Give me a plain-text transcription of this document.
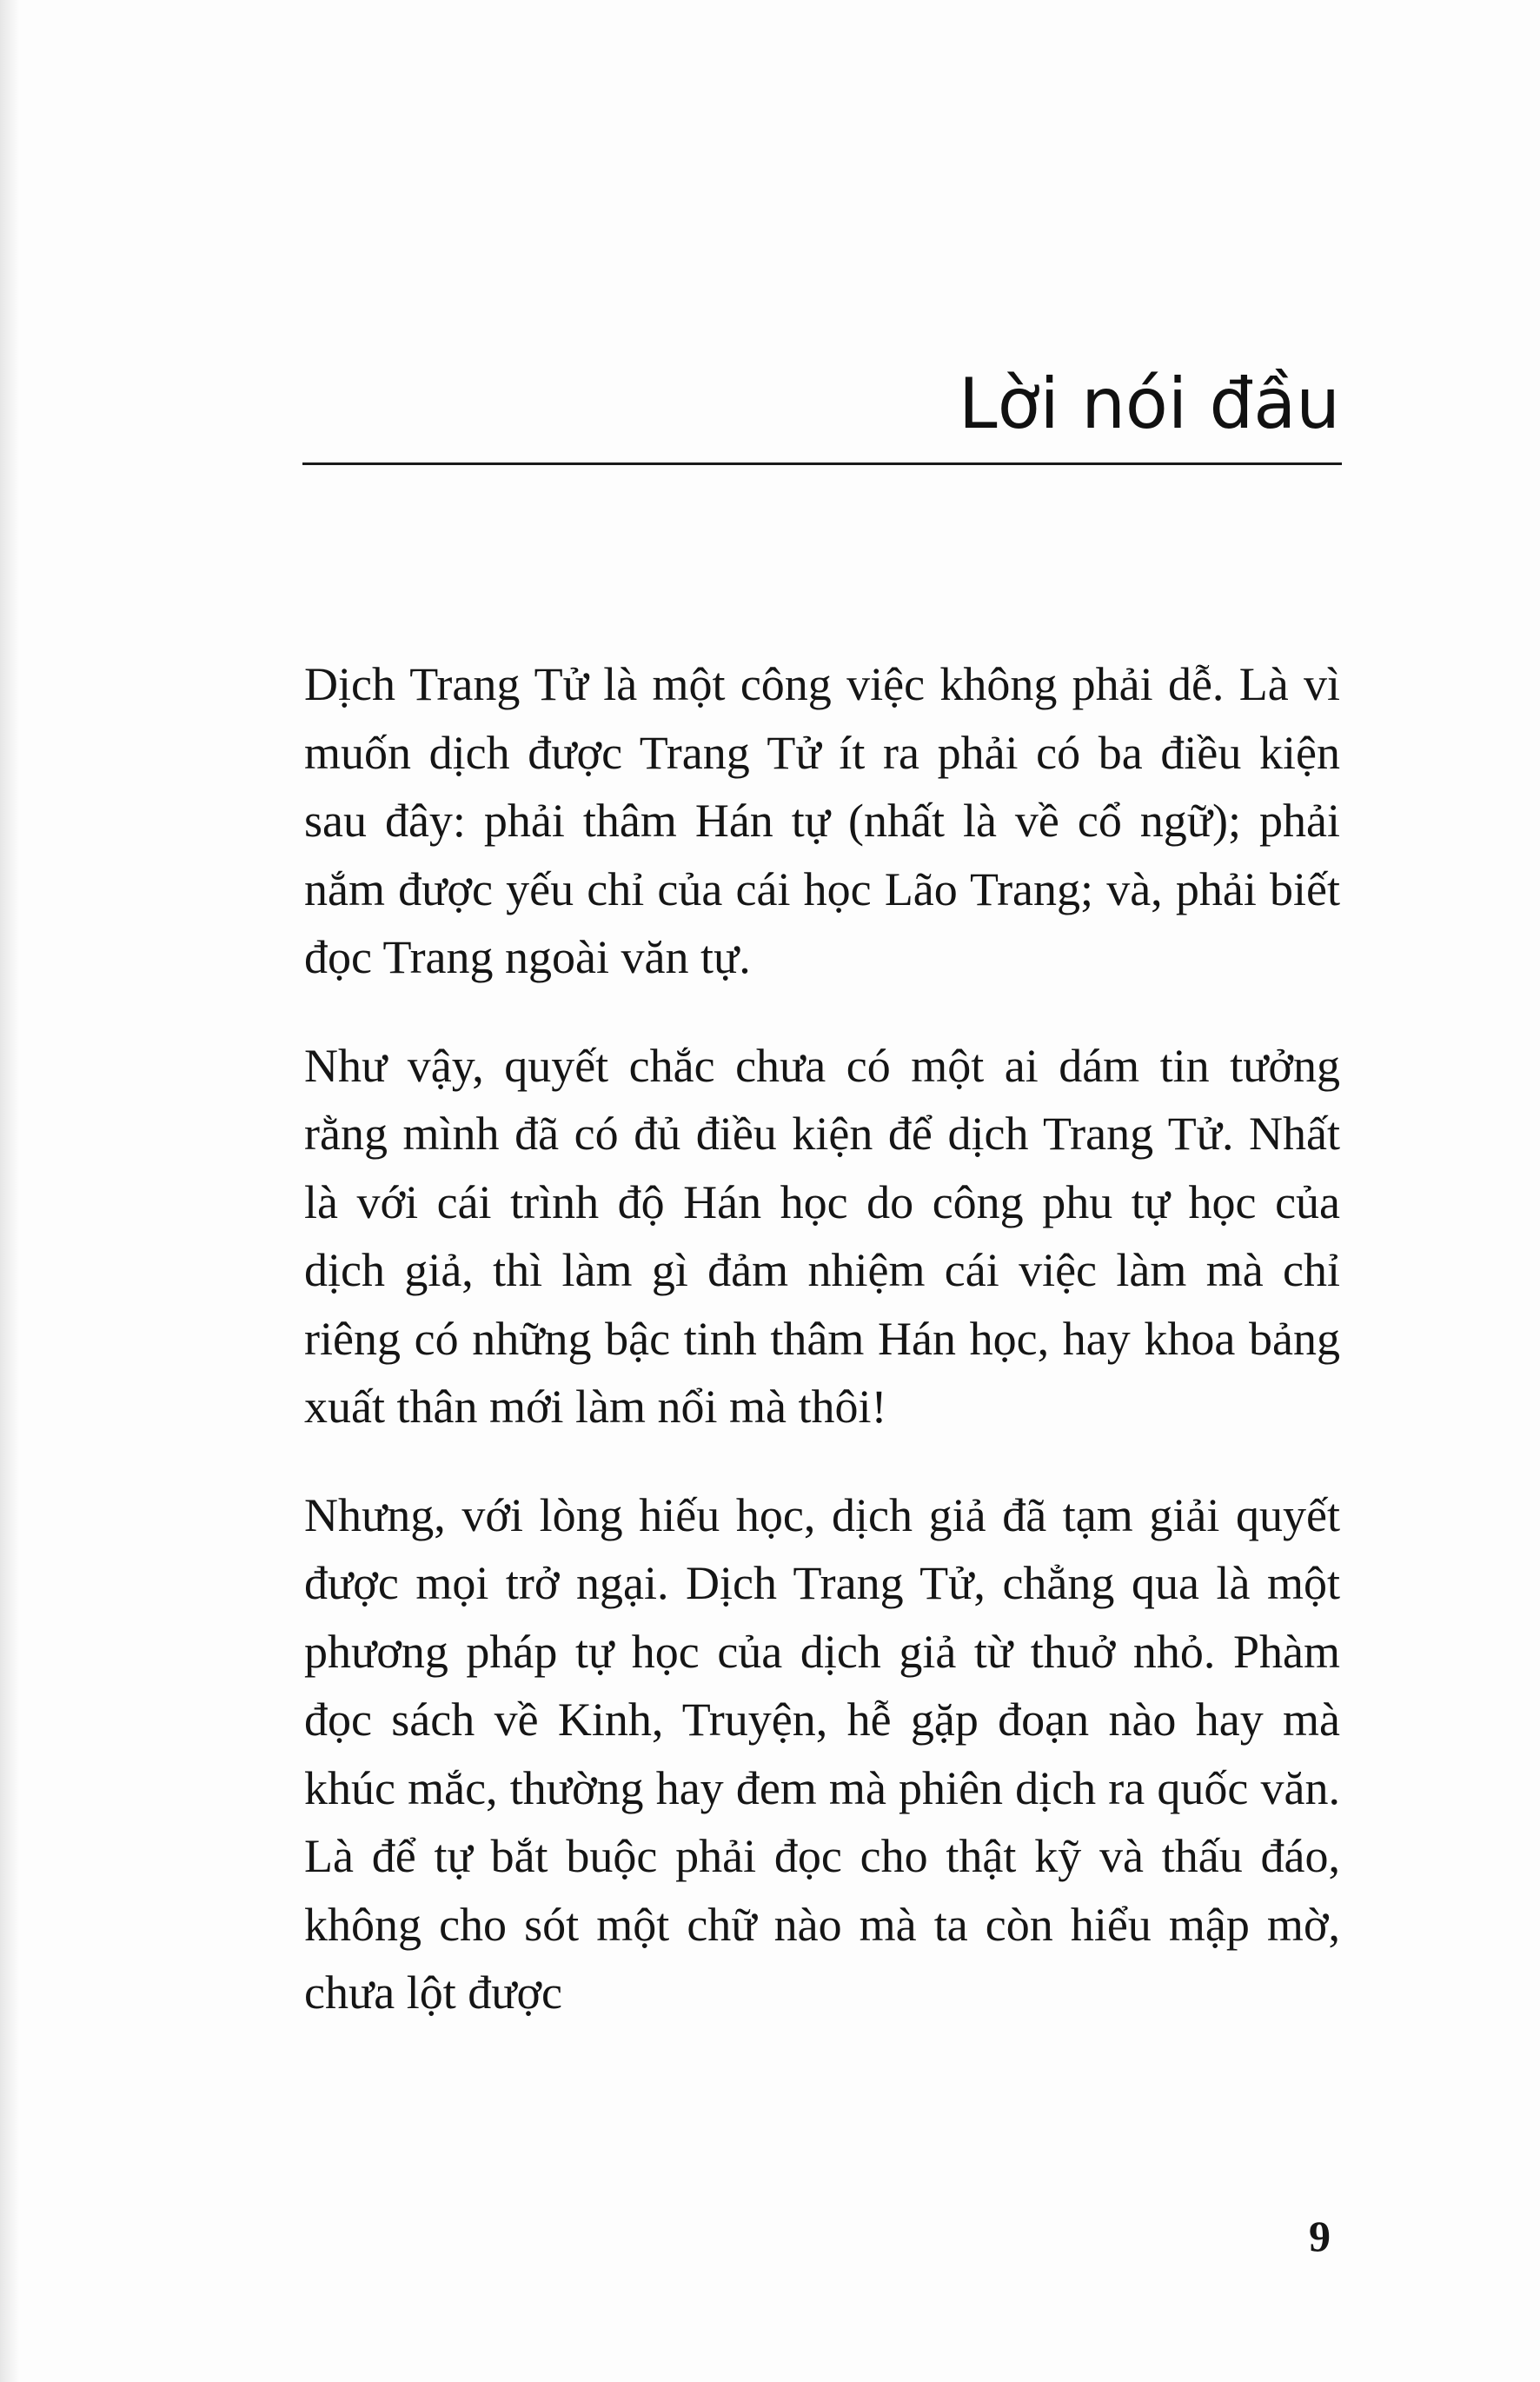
Lời nói đầu

Dịch Trang Tử là một công việc không phải dễ. Là vì muốn dịch được Trang Tử ít ra phải có ba điều kiện sau đây: phải thâm Hán tự (nhất là về cổ ngữ); phải nắm được yếu chỉ của cái học Lão Trang; và, phải biết đọc Trang ngoài văn tự.

Như vậy, quyết chắc chưa có một ai dám tin tưởng rằng mình đã có đủ điều kiện để dịch Trang Tử. Nhất là với cái trình độ Hán học do công phu tự học của dịch giả, thì làm gì đảm nhiệm cái việc làm mà chỉ riêng có những bậc tinh thâm Hán học, hay khoa bảng xuất thân mới làm nổi mà thôi!

Nhưng, với lòng hiếu học, dịch giả đã tạm giải quyết được mọi trở ngại. Dịch Trang Tử, chẳng qua là một phương pháp tự học của dịch giả từ thuở nhỏ. Phàm đọc sách về Kinh, Truyện, hễ gặp đoạn nào hay mà khúc mắc, thường hay đem mà phiên dịch ra quốc văn. Là để tự bắt buộc phải đọc cho thật kỹ và thấu đáo, không cho sót một chữ nào mà ta còn hiểu mập mờ, chưa lột được

9
